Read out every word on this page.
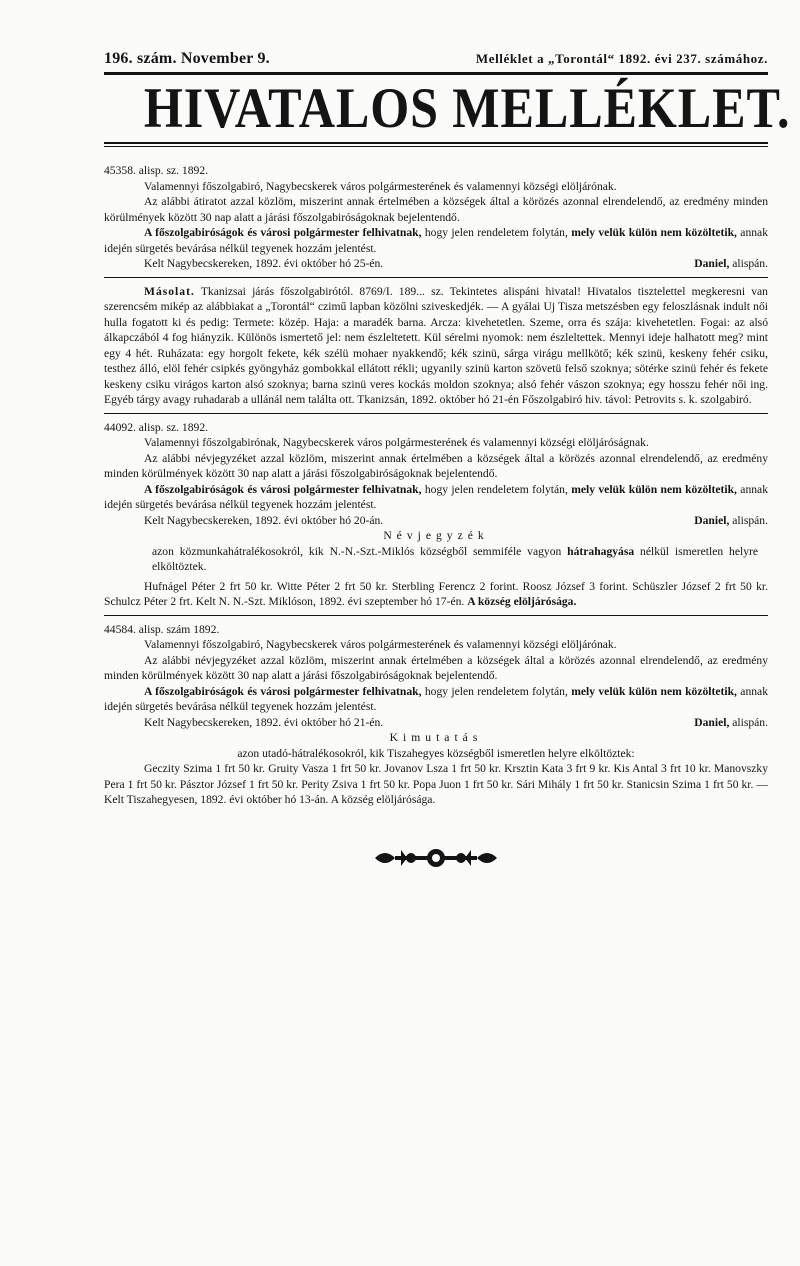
196. szám. November 9.	Melléklet a „Torontál“ 1892. évi 237. számához.
HIVATALOS MELLÉKLET.

45358. alisp. sz. 1892.

Valamennyi főszolgabiró, Nagybecskerek város polgármesterének és valamennyi községi elöljárónak.

Az alábbi átiratot azzal közlöm, miszerint annak értelmében a községek által a körözés azonnal elrendelendő, az eredmény minden körülmények között 30 nap alatt a járási főszolgabiróságoknak bejelentendő.

A főszolgabiróságok és városi polgármester felhivatnak, hogy jelen rendeletem folytán, mely velük külön nem közöltetik, annak idején sürgetés bevárása nélkül tegyenek hozzám jelentést.

Kelt Nagybecskereken, 1892. évi október hó 25-én.	Daniel, alispán.

Másolat. Tkanizsai járás főszolgabirótól. 8769/I. 189... sz. Tekintetes alispáni hivatal! Hivatalos tisztelettel megkeresni van szerencsém mikép az alábbiakat a „Torontál“ czimű lapban közölni sziveskedjék. — A gyálai Uj Tisza metszésben egy feloszlásnak indult női hulla fogatott ki és pedig: Termete: közép. Haja: a maradék barna. Arcza: kivehetetlen. Szeme, orra és szája: kivehetetlen. Fogai: az alsó álkapczából 4 fog hiányzik. Különös ismertető jel: nem észleltetett. Kül sérelmi nyomok: nem észleltettek. Mennyi ideje halhatott meg? mint egy 4 hét. Ruházata: egy horgolt fekete, kék szélü mohaer nyakkendő; kék szinü, sárga virágu mellkötő; kék szinü, keskeny fehér csiku, testhez álló, elöl fehér csipkés gyöngyház gombokkal ellátott rékli; ugyanily szinü karton szövetü felső szoknya; sötérke szinü fehér és fekete keskeny csiku virágos karton alsó szoknya; barna szinü veres kockás moldon szoknya; alsó fehér vászon szoknya; egy hosszu fehér női ing. Egyéb tárgy avagy ruhadarab a ullánál nem találta ott. Tkanizsán, 1892. október hó 21-én Főszolgabiró hiv. távol: Petrovits s. k. szolgabiró.

44092. alisp. sz. 1892.

Valamennyi főszolgabirónak, Nagybecskerek város polgármesterének és valamennyi községi elöljáróságnak.

Az alábbi névjegyzéket azzal közlöm, miszerint annak értelmében a községek által a körözés azonnal elrendelendő, az eredmény minden körülmények között 30 nap alatt a járási főszolgabiróságoknak bejelentendő.

A főszolgabiróságok és városi polgármester felhivatnak, hogy jelen rendeletem folytán, mely velük külön nem közöltetik, annak idején sürgetés bevárása nélkül tegyenek hozzám jelentést.

Kelt Nagybecskereken, 1892. évi október hó 20-án.	Daniel, alispán.

Névjegyzék

azon közmunkahátralékosokról, kik N.-N.-Szt.-Miklós községből semmiféle vagyon hátrahagyása nélkül ismeretlen helyre elköltöztek.

Hufnágel Péter 2 frt 50 kr. Witte Péter 2 frt 50 kr. Sterbling Ferencz 2 forint. Roosz József 3 forint. Schüszler József 2 frt 50 kr. Schulcz Péter 2 frt. Kelt N. N.-Szt. Miklóson, 1892. évi szeptember hó 17-én. A község elöljárósága.

44584. alisp. szám 1892.

Valamennyi főszolgabiró, Nagybecskerek város polgármesterének és valamennyi községi elöljárónak.

Az alábbi névjegyzéket azzal közlöm, miszerint annak értelmében a községek által a körözés azonnal elrendelendő, az eredmény minden körülmények között 30 nap alatt a járási főszolgabiróságoknak bejelentendő.

A főszolgabiróságok és városi polgármester felhivatnak, hogy jelen rendeletem folytán, mely velük külön nem közöltetik, annak idején sürgetés bevárása nélkül tegyenek hozzám jelentést.

Kelt Nagybecskereken, 1892. évi október hó 21-én.	Daniel, alispán.

Kimutatás

azon utadó-hátralékosokról, kik Tiszahegyes községből ismeretlen helyre elköltöztek:

Geczity Szima 1 frt 50 kr. Gruity Vasza 1 frt 50 kr. Jovanov Lsza 1 frt 50 kr. Krsztin Kata 3 frt 9 kr. Kis Antal 3 frt 10 kr. Manovszky Pera 1 frt 50 kr. Pásztor József 1 frt 50 kr. Perity Zsiva 1 frt 50 kr. Popa Juon 1 frt 50 kr. Sári Mihály 1 frt 50 kr. Stanicsin Szima 1 frt 50 kr. — Kelt Tiszahegyesen, 1892. évi október hó 13-án. A község elöljárósága.
